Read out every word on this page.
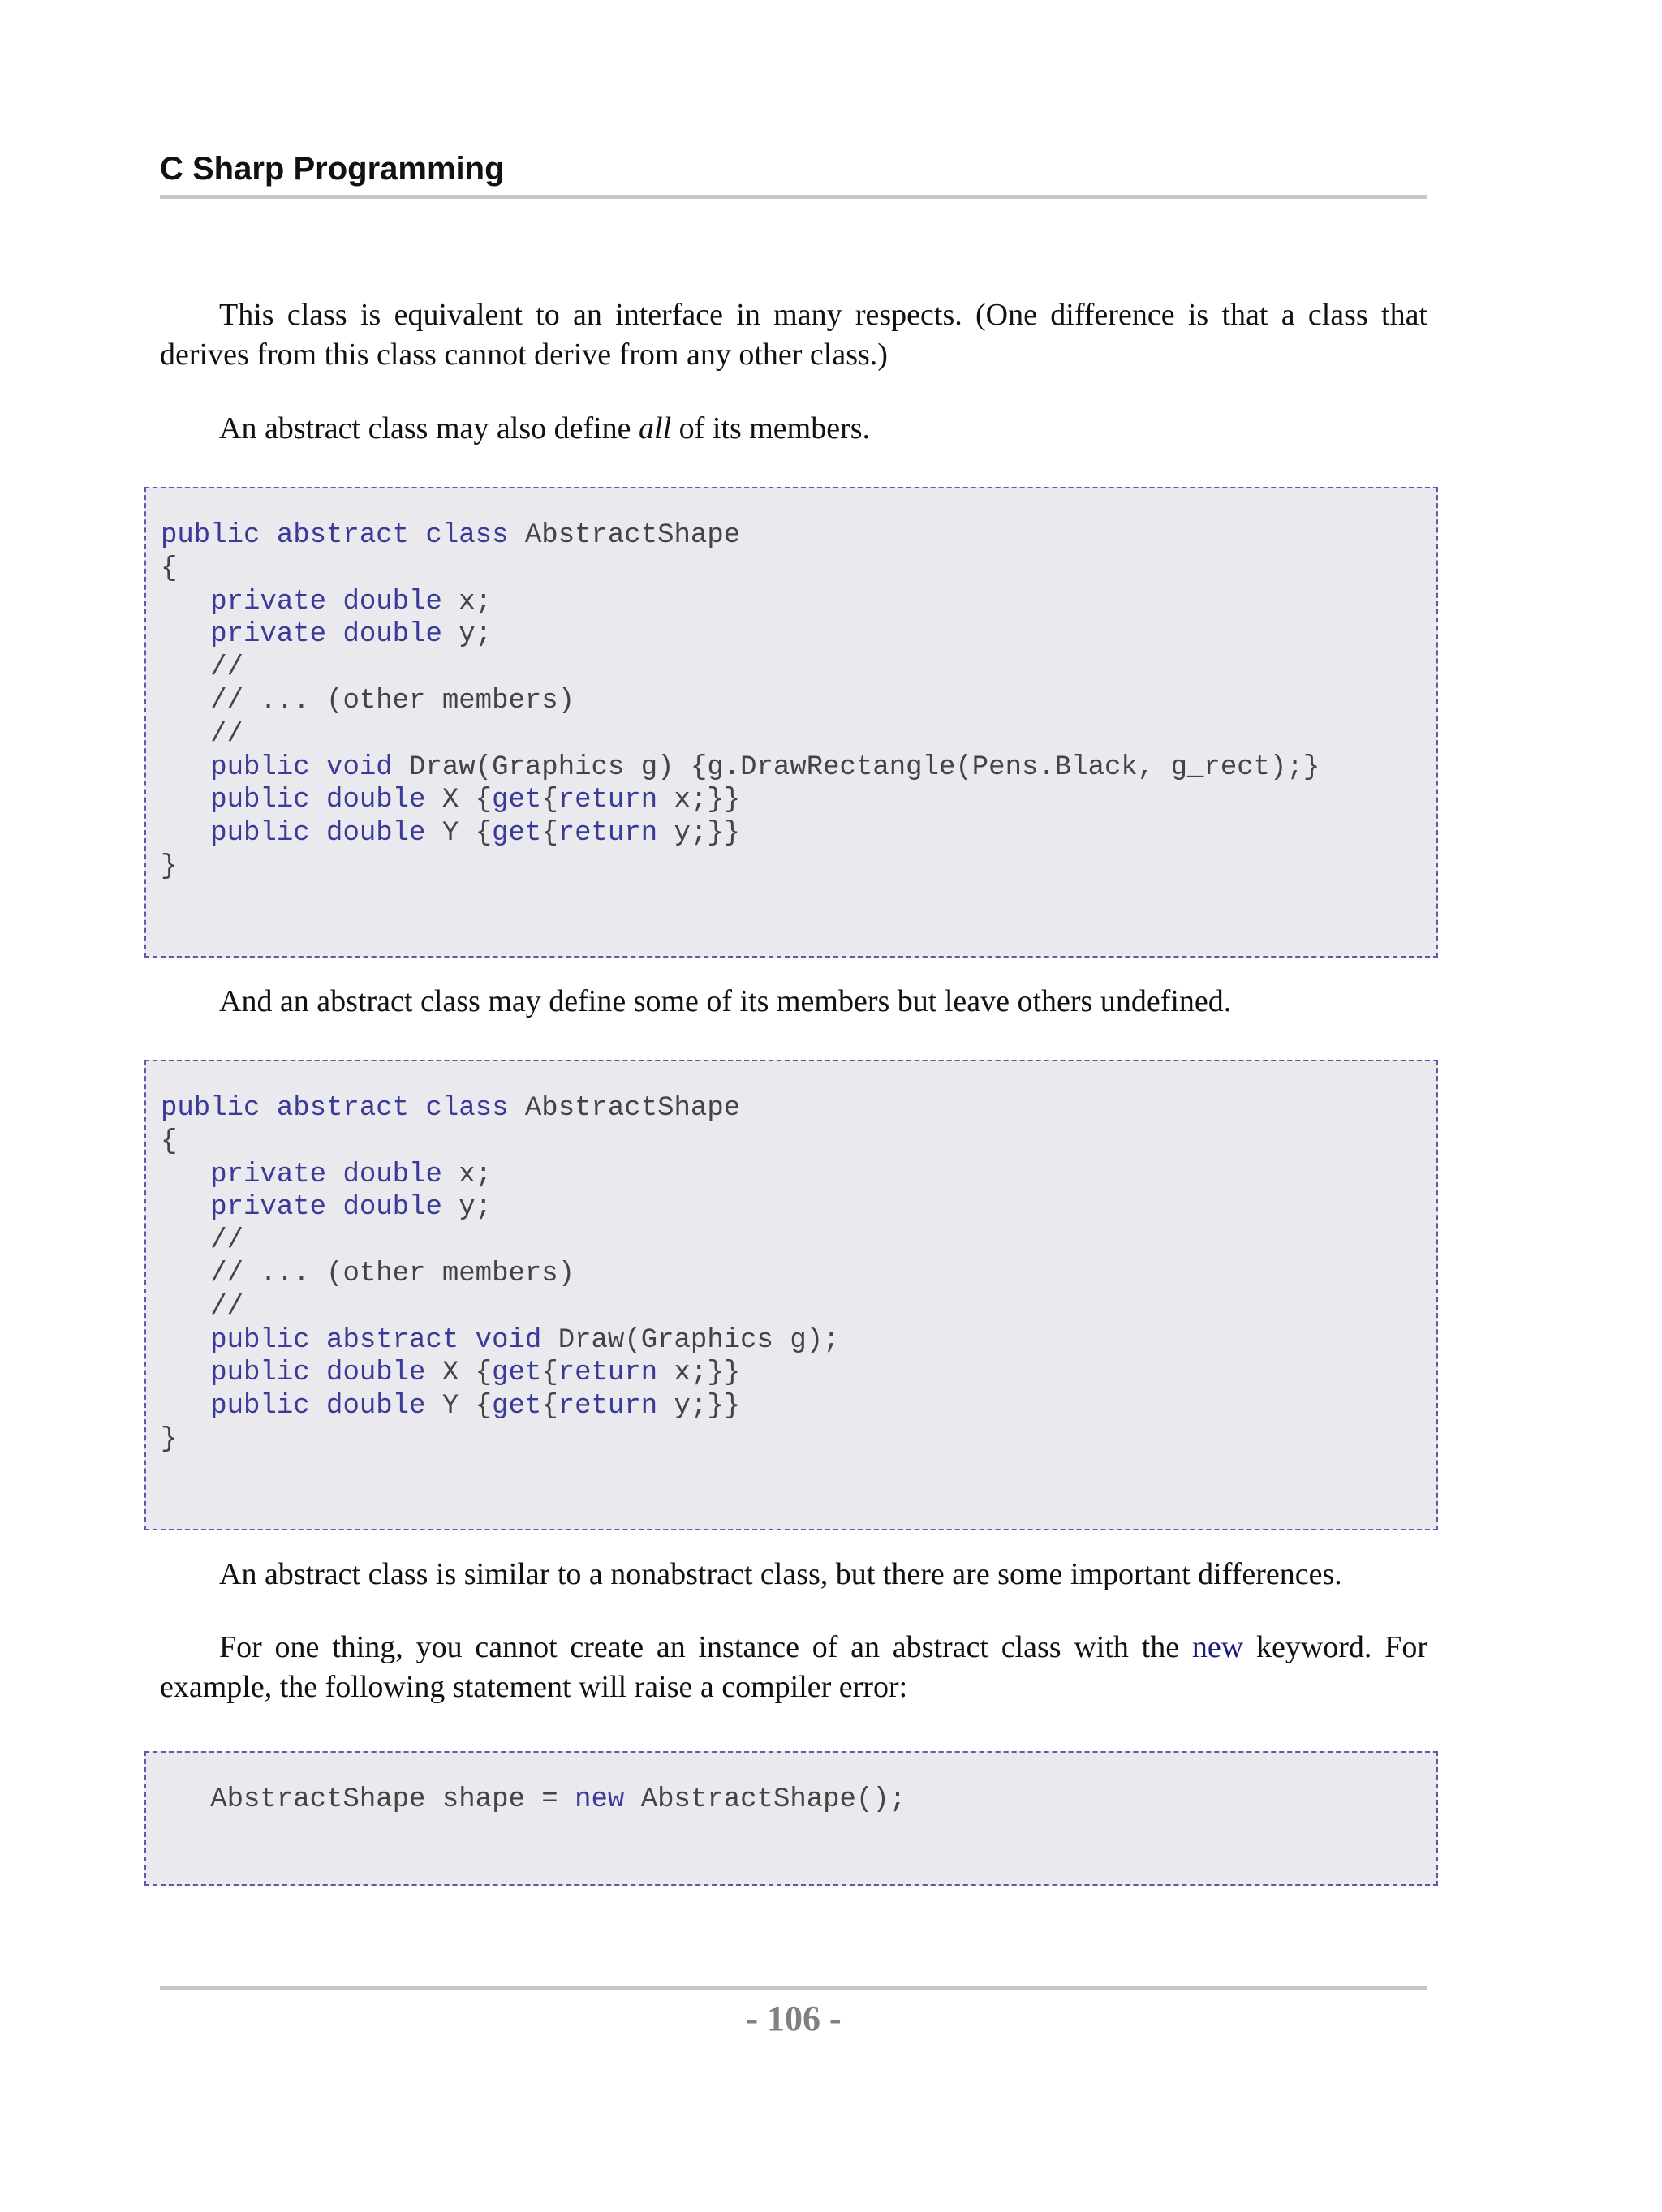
C Sharp Programming

This class is equivalent to an interface in many respects. (One difference is that a class that derives from this class cannot derive from any other class.)

An abstract class may also define all of its members.

public abstract class AbstractShape
{
private double x;
private double y;
//
// ... (other members)
//
public void Draw(Graphics g) {g.DrawRectangle(Pens.Black, g_rect);}
public double X {get{return x;}}
public double Y {get{return y;}}
}

And an abstract class may define some of its members but leave others undefined.

public abstract class AbstractShape
{
private double x;
private double y;
//
// ... (other members)
//
public abstract void Draw(Graphics g);
public double X {get{return x;}}
public double Y {get{return y;}}
}

An abstract class is similar to a nonabstract class, but there are some important differences.

For one thing, you cannot create an instance of an abstract class with the new keyword. For example, the following statement will raise a compiler error:

AbstractShape shape = new AbstractShape();
- 106 -
